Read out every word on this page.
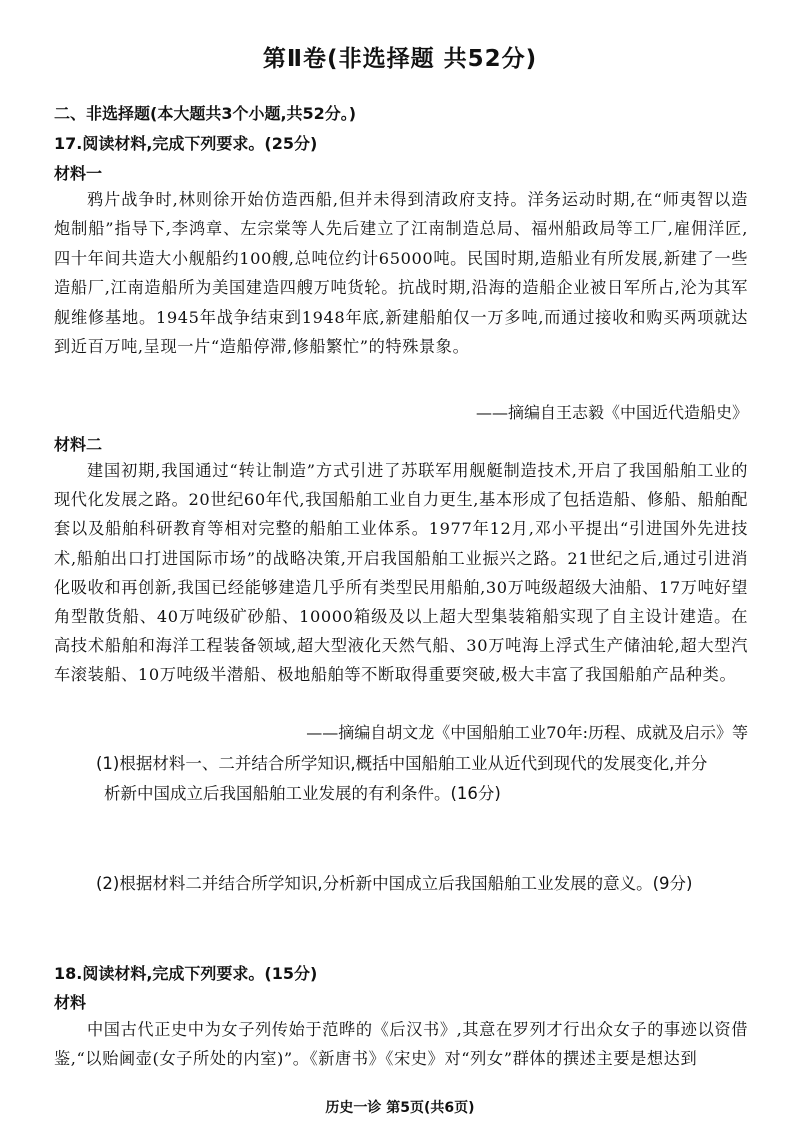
第Ⅱ卷(非选择题 共52分)
二、非选择题(本大题共3个小题,共52分。)
17.阅读材料,完成下列要求。(25分)
材料一
鸦片战争时,林则徐开始仿造西船,但并未得到清政府支持。洋务运动时期,在“师夷智以造炮制船”指导下,李鸿章、左宗棠等人先后建立了江南制造总局、福州船政局等工厂,雇佣洋匠,四十年间共造大小舰船约100艘,总吨位约计65000吨。民国时期,造船业有所发展,新建了一些造船厂,江南造船所为美国建造四艘万吨货轮。抗战时期,沿海的造船企业被日军所占,沦为其军舰维修基地。1945年战争结束到1948年底,新建船舶仅一万多吨,而通过接收和购买两项就达到近百万吨,呈现一片“造船停滞,修船繁忙”的特殊景象。
——摘编自王志毅《中国近代造船史》
材料二
建国初期,我国通过“转让制造”方式引进了苏联军用舰艇制造技术,开启了我国船舶工业的现代化发展之路。20世纪60年代,我国船舶工业自力更生,基本形成了包括造船、修船、船舶配套以及船舶科研教育等相对完整的船舶工业体系。1977年12月,邓小平提出“引进国外先进技术,船舶出口打进国际市场”的战略决策,开启我国船舶工业振兴之路。21世纪之后,通过引进消化吸收和再创新,我国已经能够建造几乎所有类型民用船舶,30万吨级超级大油船、17万吨好望角型散货船、40万吨级矿砂船、10000箱级及以上超大型集装箱船实现了自主设计建造。在高技术船舶和海洋工程装备领域,超大型液化天然气船、30万吨海上浮式生产储油轮,超大型汽车滚装船、10万吨级半潜船、极地船舶等不断取得重要突破,极大丰富了我国船舶产品种类。
——摘编自胡文龙《中国船舶工业70年:历程、成就及启示》等
(1)根据材料一、二并结合所学知识,概括中国船舶工业从近代到现代的发展变化,并分
析新中国成立后我国船舶工业发展的有利条件。(16分)
(2)根据材料二并结合所学知识,分析新中国成立后我国船舶工业发展的意义。(9分)
18.阅读材料,完成下列要求。(15分)
材料
中国古代正史中为女子列传始于范晔的《后汉书》,其意在罗列才行出众女子的事迹以资借鉴,“以贻阃壶(女子所处的内室)”。《新唐书》《宋史》对“列女”群体的撰述主要是想达到
历史一诊 第5页(共6页)
